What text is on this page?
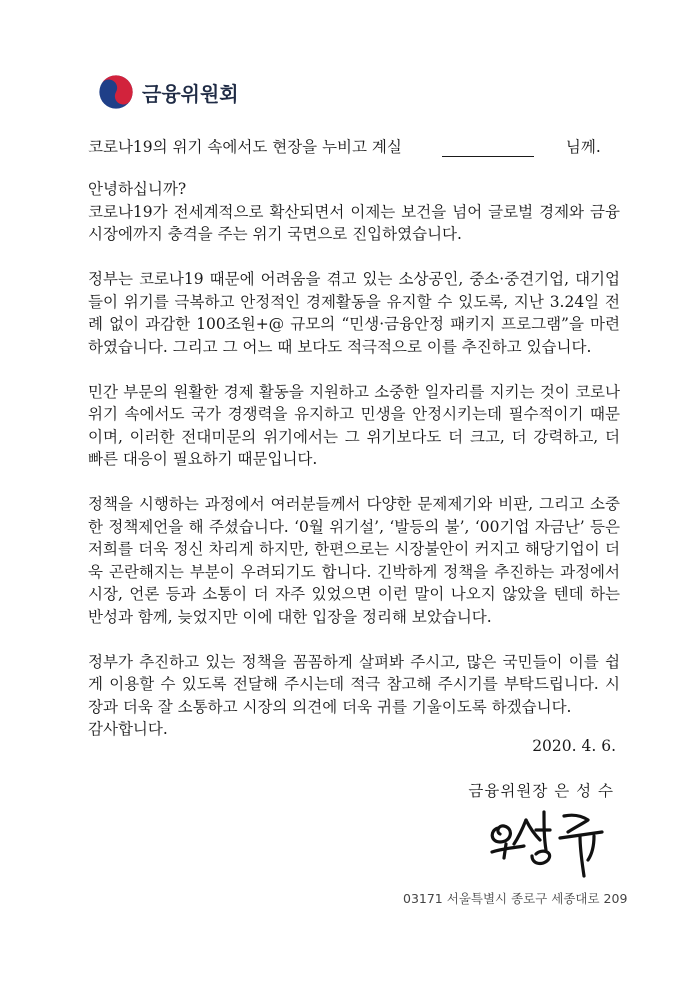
금융위원회
코로나19의 위기 속에서도 현장을 누비고 계실	님께.

안녕하십니까?

코로나19가 전세계적으로 확산되면서 이제는 보건을 넘어 글로벌 경제와 금융시장에까지 충격을 주는 위기 국면으로 진입하였습니다.

정부는 코로나19 때문에 어려움을 겪고 있는 소상공인, 중소·중견기업, 대기업들이 위기를 극복하고 안정적인 경제활동을 유지할 수 있도록, 지난 3.24일 전례 없이 과감한 100조원+@ 규모의 “민생·금융안정 패키지 프로그램”을 마련하였습니다. 그리고 그 어느 때 보다도 적극적으로 이를 추진하고 있습니다.

민간 부문의 원활한 경제 활동을 지원하고 소중한 일자리를 지키는 것이 코로나 위기 속에서도 국가 경쟁력을 유지하고 민생을 안정시키는데 필수적이기 때문이며, 이러한 전대미문의 위기에서는 그 위기보다도 더 크고, 더 강력하고, 더 빠른 대응이 필요하기 때문입니다.

정책을 시행하는 과정에서 여러분들께서 다양한 문제제기와 비판, 그리고 소중한 정책제언을 해 주셨습니다. ‘0월 위기설’, ‘발등의 불’, ‘00기업 자금난’ 등은 저희를 더욱 정신 차리게 하지만, 한편으로는 시장불안이 커지고 해당기업이 더욱 곤란해지는 부분이 우려되기도 합니다. 긴박하게 정책을 추진하는 과정에서 시장, 언론 등과 소통이 더 자주 있었으면 이런 말이 나오지 않았을 텐데 하는 반성과 함께, 늦었지만 이에 대한 입장을 정리해 보았습니다.

정부가 추진하고 있는 정책을 꼼꼼하게 살펴봐 주시고, 많은 국민들이 이를 쉽게 이용할 수 있도록 전달해 주시는데 적극 참고해 주시기를 부탁드립니다. 시장과 더욱 잘 소통하고 시장의 의견에 더욱 귀를 기울이도록 하겠습니다.

감사합니다.

2020. 4. 6.
금융위원장 은 성 수
03171 서울특별시 종로구 세종대로 209
